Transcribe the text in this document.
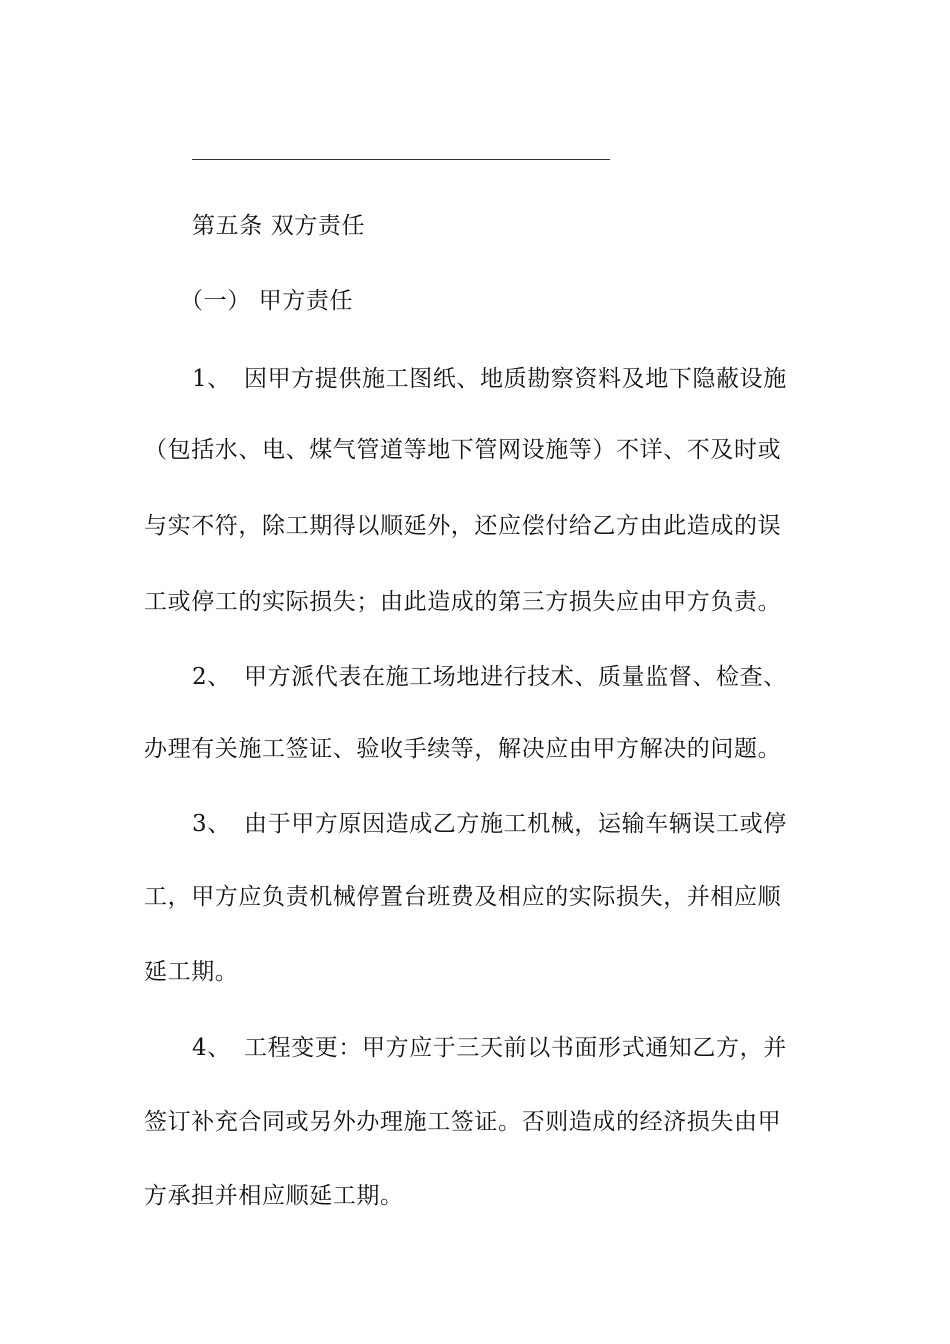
第五条 双方责任
（一） 甲方责任
1、 因甲方提供施工图纸、地质勘察资料及地下隐蔽设施
（包括水、电、煤气管道等地下管网设施等）不详、不及时或
与实不符，除工期得以顺延外，还应偿付给乙方由此造成的误
工或停工的实际损失；由此造成的第三方损失应由甲方负责。
2、 甲方派代表在施工场地进行技术、质量监督、检查、
办理有关施工签证、验收手续等，解决应由甲方解决的问题。
3、 由于甲方原因造成乙方施工机械，运输车辆误工或停
工，甲方应负责机械停置台班费及相应的实际损失，并相应顺
延工期。
4、 工程变更：甲方应于三天前以书面形式通知乙方，并
签订补充合同或另外办理施工签证。否则造成的经济损失由甲
方承担并相应顺延工期。
